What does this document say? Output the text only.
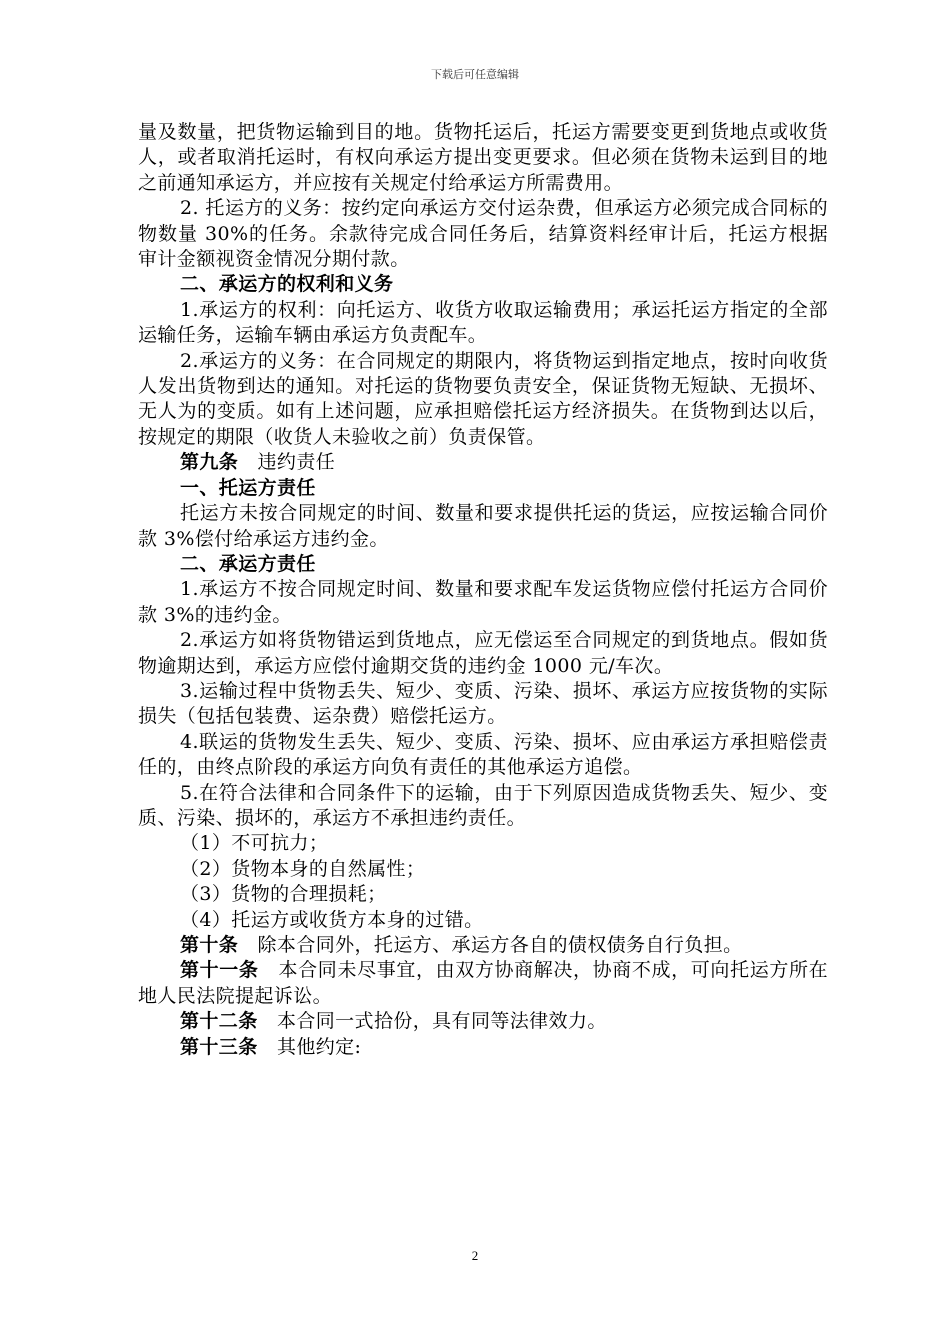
下载后可任意编辑

量及数量，把货物运输到目的地。货物托运后，托运方需要变更到货地点或收货人，或者取消托运时，有权向承运方提出变更要求。但必须在货物未运到目的地之前通知承运方，并应按有关规定付给承运方所需费用。

2. 托运方的义务：按约定向承运方交付运杂费，但承运方必须完成合同标的物数量 30%的任务。余款待完成合同任务后，结算资料经审计后，托运方根据审计金额视资金情况分期付款。

二、承运方的权利和义务

1.承运方的权利：向托运方、收货方收取运输费用；承运托运方指定的全部运输任务，运输车辆由承运方负责配车。

2.承运方的义务：在合同规定的期限内，将货物运到指定地点，按时向收货人发出货物到达的通知。对托运的货物要负责安全，保证货物无短缺、无损坏、无人为的变质。如有上述问题，应承担赔偿托运方经济损失。在货物到达以后，按规定的期限（收货人未验收之前）负责保管。

第九条 违约责任

一、托运方责任

托运方未按合同规定的时间、数量和要求提供托运的货运，应按运输合同价款 3%偿付给承运方违约金。

二、承运方责任

1.承运方不按合同规定时间、数量和要求配车发运货物应偿付托运方合同价款 3%的违约金。

2.承运方如将货物错运到货地点，应无偿运至合同规定的到货地点。假如货物逾期达到，承运方应偿付逾期交货的违约金 1000 元/车次。

3.运输过程中货物丢失、短少、变质、污染、损坏、承运方应按货物的实际损失（包括包装费、运杂费）赔偿托运方。

4.联运的货物发生丢失、短少、变质、污染、损坏、应由承运方承担赔偿责任的，由终点阶段的承运方向负有责任的其他承运方追偿。

5.在符合法律和合同条件下的运输，由于下列原因造成货物丢失、短少、变质、污染、损坏的，承运方不承担违约责任。

（1）不可抗力；

（2）货物本身的自然属性；

（3）货物的合理损耗；

（4）托运方或收货方本身的过错。

第十条 除本合同外，托运方、承运方各自的债权债务自行负担。

第十一条 本合同未尽事宜，由双方协商解决，协商不成，可向托运方所在地人民法院提起诉讼。

第十二条 本合同一式拾份，具有同等法律效力。

第十三条 其他约定:

2
